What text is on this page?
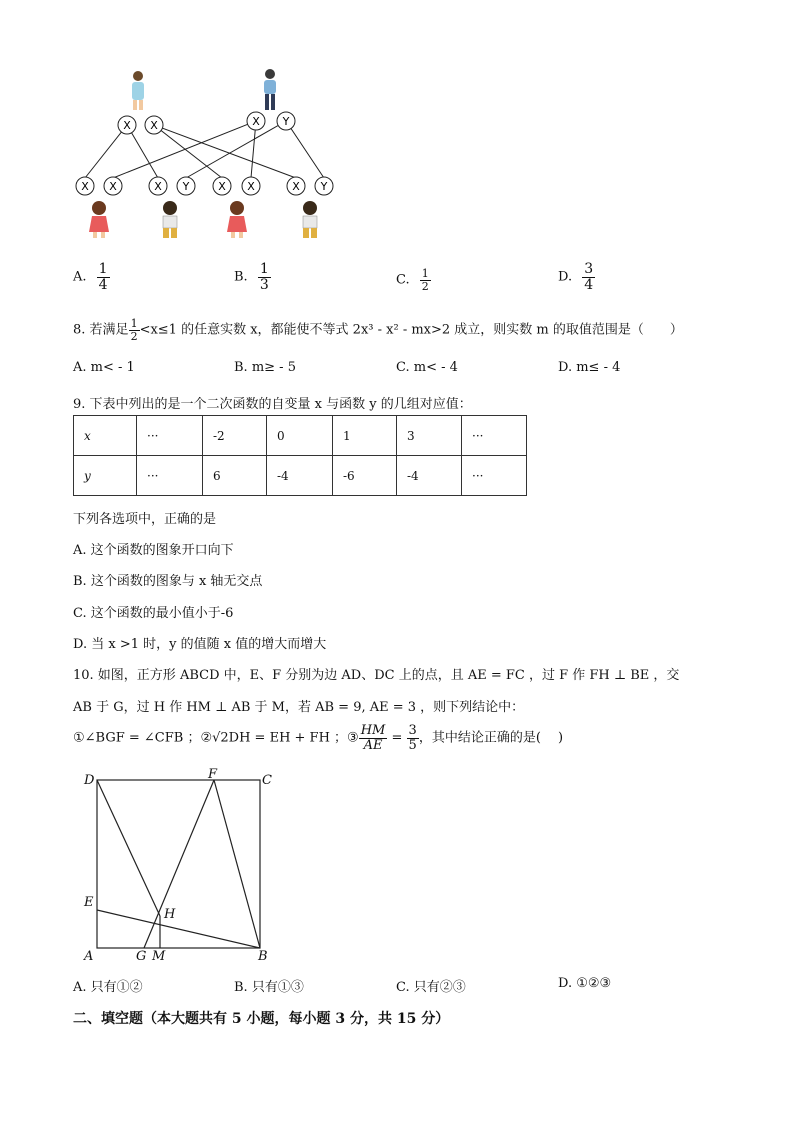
X X	X Y
X X	X Y	X X	X Y
A. $\frac{1}{4}$	B. $\frac{1}{3}$	C. $\frac{1}{2}$	D. $\frac{3}{4}$
8. 若满足 $\frac{1}{2} <x\le 1$ 的任意实数 x，都能使不等式 2x³ - x² - mx>2 成立，则实数 m 的取值范围是（　　）
A. m< - 1	B. m≥ - 5	C. m< - 4	D. m≤ - 4
9. 下表中列出的是一个二次函数的自变量 x 与函数 y 的几组对应值：
x	···	-2	0	1	3	···
y	···	6	-4	-6	-4	···
下列各选项中，正确的是
A. 这个函数的图象开口向下
B. 这个函数的图象与 x 轴无交点
C. 这个函数的最小值小于-6
D. 当 x >1 时，y 的值随 x 值的增大而增大
10. 如图，正方形 ABCD 中，E、F 分别为边 AD、DC 上的点，且 AE = FC ，过 F 作 FH ⊥ BE ，交
AB 于 G，过 H 作 HM ⊥ AB 于 M，若 AB = 9, AE = 3 ，则下列结论中：
①∠BGF = ∠CFB ；②√2DH = EH + FH ；③ $\frac{HM}{AE} = \frac{3}{5}$ ，其中结论正确的是(　 )
D	F	C
E
H
A	G M	B
A. 只有①②	B. 只有①③	C. 只有②③	D. ①②③
二、填空题（本大题共有 5 小题，每小题 3 分，共 15 分）
